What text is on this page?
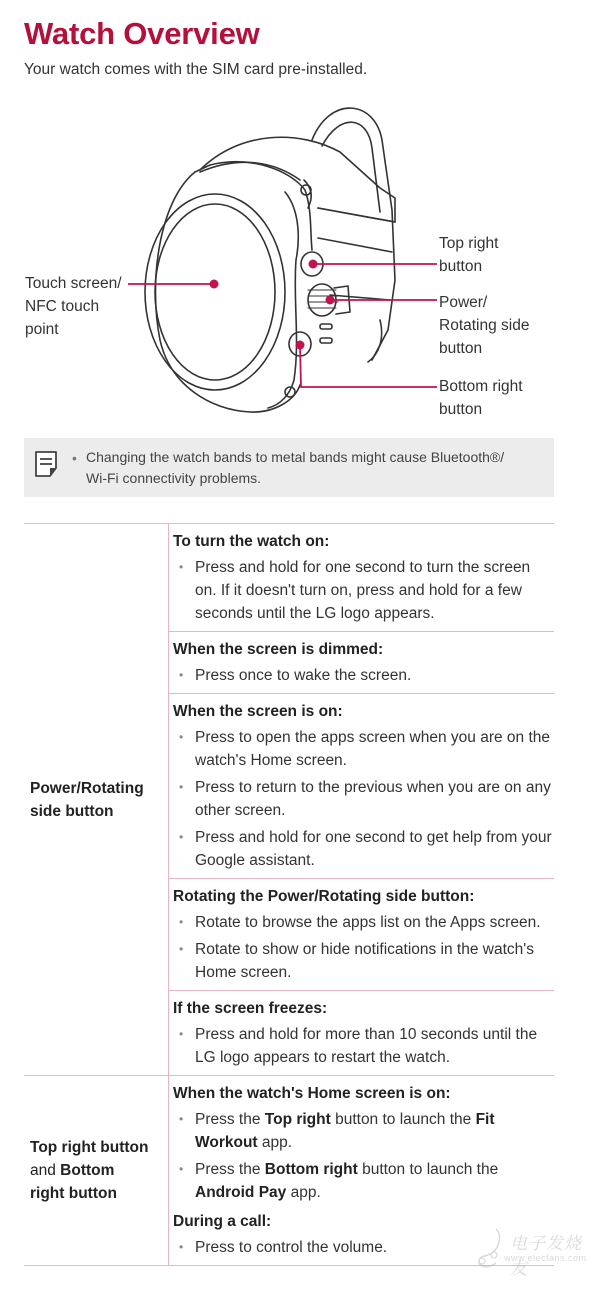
Watch Overview
Your watch comes with the SIM card pre-installed.
Touch screen/
NFC touch
point
Top right
button
Power/
Rotating side
button
Bottom right
button
• Changing the watch bands to metal bands might cause Bluetooth®/
Wi-Fi connectivity problems.
Power/Rotating side button
To turn the watch on:
• Press and hold for one second to turn the screen on. If it doesn't turn on, press and hold for a few seconds until the LG logo appears.
When the screen is dimmed:
• Press once to wake the screen.
When the screen is on:
• Press to open the apps screen when you are on the watch's Home screen.
• Press to return to the previous when you are on any other screen.
• Press and hold for one second to get help from your Google assistant.
Rotating the Power/Rotating side button:
• Rotate to browse the apps list on the Apps screen.
• Rotate to show or hide notifications in the watch's Home screen.
If the screen freezes:
• Press and hold for more than 10 seconds until the LG logo appears to restart the watch.
Top right button
and Bottom
right button
When the watch's Home screen is on:
• Press the Top right button to launch the Fit Workout app.
• Press the Bottom right button to launch the Android Pay app.
During a call:
• Press to control the volume.	电子发烧友
www.elecfans.com
